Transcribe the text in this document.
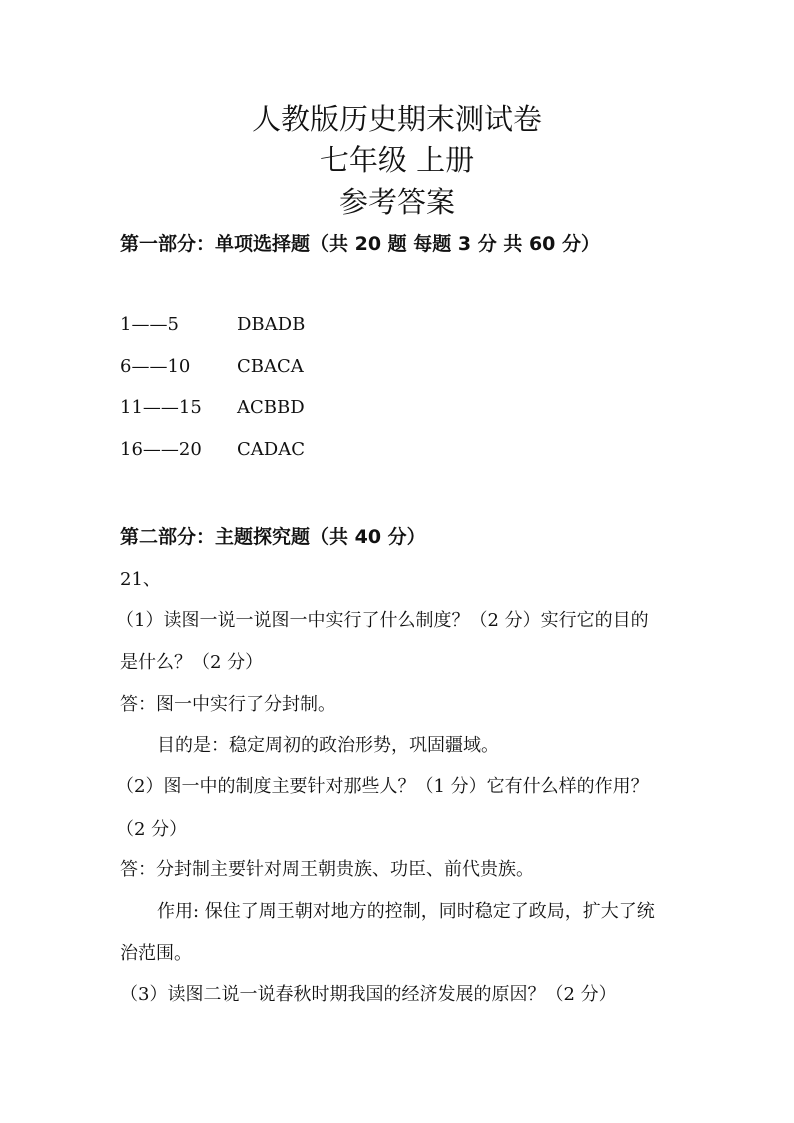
人教版历史期末测试卷
七年级 上册
参考答案
第一部分：单项选择题（共 20 题 每题 3 分 共 60 分）
1——5	DBADB
6——10	CBACA
11——15 ACBBD
16——20 CADAC
第二部分：主题探究题（共 40 分）
21、
（1）读图一说一说图一中实行了什么制度？（2 分）实行它的目的
是什么？（2 分）
答：图一中实行了分封制。
目的是：稳定周初的政治形势，巩固疆域。
（2）图一中的制度主要针对那些人？（1 分）它有什么样的作用？
（2 分）
答：分封制主要针对周王朝贵族、功臣、前代贵族。
作用: 保住了周王朝对地方的控制，同时稳定了政局，扩大了统
治范围。
（3）读图二说一说春秋时期我国的经济发展的原因？（2 分）
